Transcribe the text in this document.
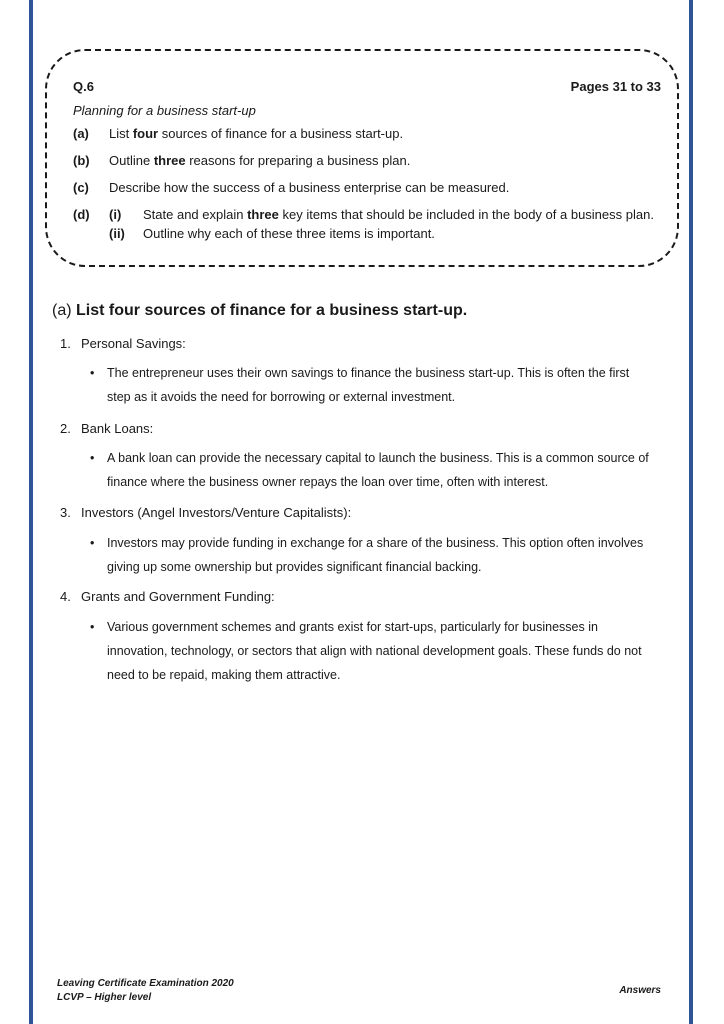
Q.6	Pages 31 to 33
Planning for a business start-up
(a) List four sources of finance for a business start-up.
(b) Outline three reasons for preparing a business plan.
(c) Describe how the success of a business enterprise can be measured.
(d) (i) State and explain three key items that should be included in the body of a business plan.
(ii) Outline why each of these three items is important.
(a) List four sources of finance for a business start-up.
1. Personal Savings:
• The entrepreneur uses their own savings to finance the business start-up. This is often the first step as it avoids the need for borrowing or external investment.
2. Bank Loans:
• A bank loan can provide the necessary capital to launch the business. This is a common source of finance where the business owner repays the loan over time, often with interest.
3. Investors (Angel Investors/Venture Capitalists):
• Investors may provide funding in exchange for a share of the business. This option often involves giving up some ownership but provides significant financial backing.
4. Grants and Government Funding:
• Various government schemes and grants exist for start-ups, particularly for businesses in innovation, technology, or sectors that align with national development goals. These funds do not need to be repaid, making them attractive.
Leaving Certificate Examination 2020
LCVP – Higher level
Answers
